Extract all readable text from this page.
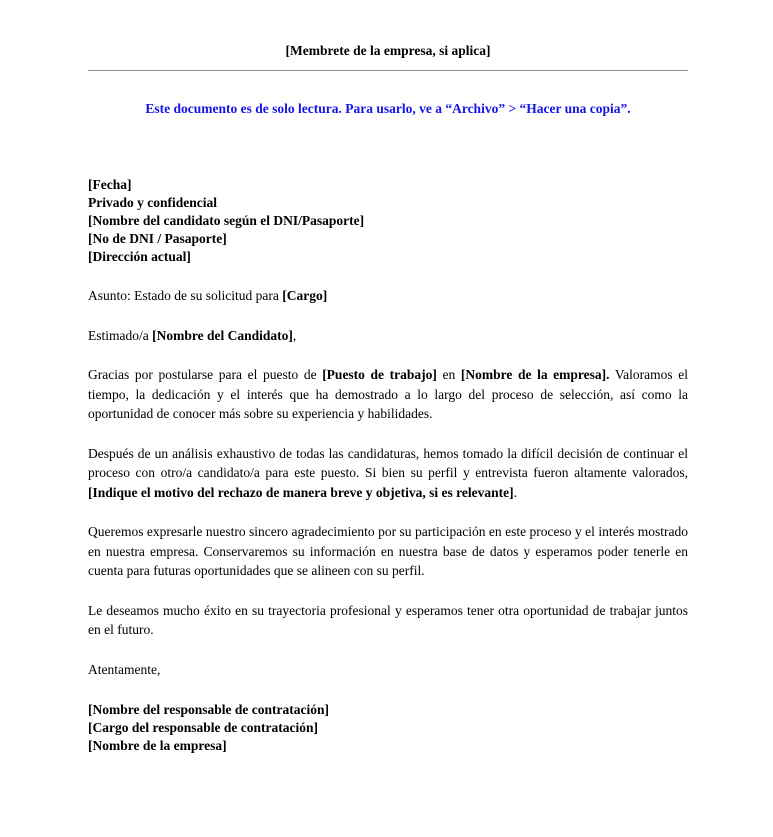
[Membrete de la empresa, si aplica]
Este documento es de solo lectura. Para usarlo, ve a “Archivo” > “Hacer una copia”.
[Fecha]
Privado y confidencial
[Nombre del candidato según el DNI/Pasaporte]
[No de DNI / Pasaporte]
[Dirección actual]
Asunto: Estado de su solicitud para [Cargo]
Estimado/a [Nombre del Candidato],

Gracias por postularse para el puesto de [Puesto de trabajo] en [Nombre de la empresa]. Valoramos el tiempo, la dedicación y el interés que ha demostrado a lo largo del proceso de selección, así como la oportunidad de conocer más sobre su experiencia y habilidades.

Después de un análisis exhaustivo de todas las candidaturas, hemos tomado la difícil decisión de continuar el proceso con otro/a candidato/a para este puesto. Si bien su perfil y entrevista fueron altamente valorados, [Indique el motivo del rechazo de manera breve y objetiva, si es relevante].

Queremos expresarle nuestro sincero agradecimiento por su participación en este proceso y el interés mostrado en nuestra empresa. Conservaremos su información en nuestra base de datos y esperamos poder tenerle en cuenta para futuras oportunidades que se alineen con su perfil.

Le deseamos mucho éxito en su trayectoria profesional y esperamos tener otra oportunidad de trabajar juntos en el futuro.

Atentamente,
[Nombre del responsable de contratación]
[Cargo del responsable de contratación]
[Nombre de la empresa]
